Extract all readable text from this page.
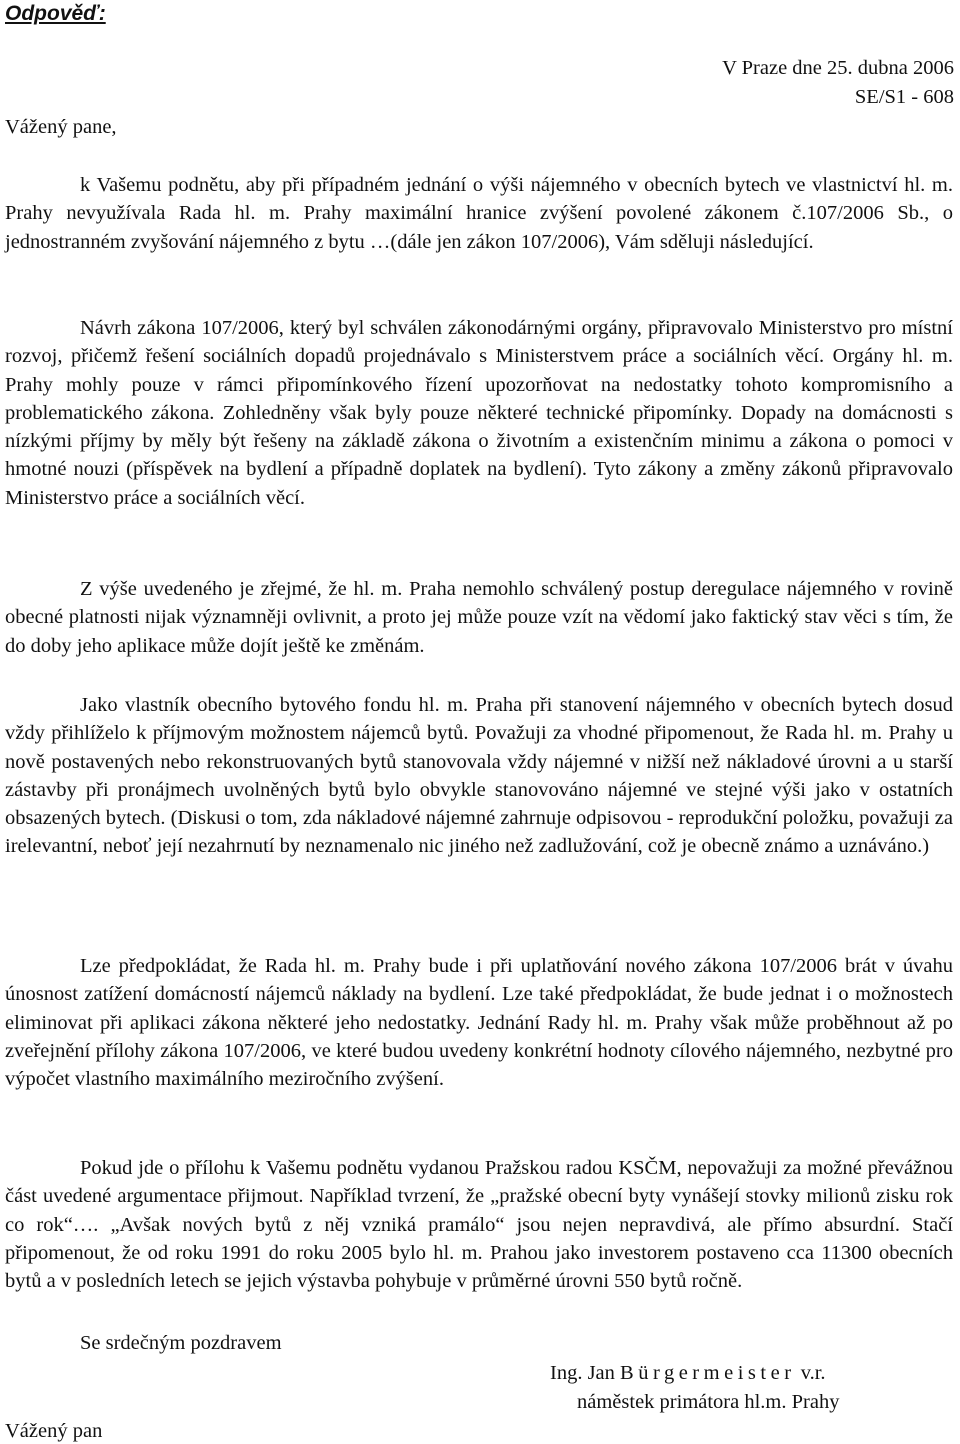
Odpověď:
V Praze dne 25. dubna 2006
SE/S1 - 608
Vážený pane,

k Vašemu podnětu, aby při případném jednání o výši nájemného v obecních bytech ve vlastnictví hl. m. Prahy nevyužívala Rada hl. m. Prahy maximální hranice zvýšení povolené zákonem č.107/2006 Sb., o jednostranném zvyšování nájemného z bytu …(dále jen zákon 107/2006), Vám sděluji následující.

Návrh zákona 107/2006, který byl schválen zákonodárnými orgány, připravovalo Ministerstvo pro místní rozvoj, přičemž řešení sociálních dopadů projednávalo s Ministerstvem práce a sociálních věcí. Orgány hl. m. Prahy mohly pouze v rámci připomínkového řízení upozorňovat na nedostatky tohoto kompromisního a problematického zákona. Zohledněny však byly pouze některé technické připomínky. Dopady na domácnosti s nízkými příjmy by měly být řešeny na základě zákona o životním a existenčním minimu a zákona o pomoci v hmotné nouzi (příspěvek na bydlení a případně doplatek na bydlení). Tyto zákony a změny zákonů připravovalo Ministerstvo práce a sociálních věcí.

Z výše uvedeného je zřejmé, že hl. m. Praha nemohlo schválený postup deregulace nájemného v rovině obecné platnosti nijak významněji ovlivnit, a proto jej může pouze vzít na vědomí jako faktický stav věci s tím, že do doby jeho aplikace může dojít ještě ke změnám.

Jako vlastník obecního bytového fondu hl. m. Praha při stanovení nájemného v obecních bytech dosud vždy přihlíželo k příjmovým možnostem nájemců bytů. Považuji za vhodné připomenout, že Rada hl. m. Prahy u nově postavených nebo rekonstruovaných bytů stanovovala vždy nájemné v nižší než nákladové úrovni a u starší zástavby při pronájmech uvolněných bytů bylo obvykle stanovováno nájemné ve stejné výši jako v ostatních obsazených bytech. (Diskusi o tom, zda nákladové nájemné zahrnuje odpisovou - reprodukční položku, považuji za irelevantní, neboť její nezahrnutí by neznamenalo nic jiného než zadlužování, což je obecně známo a uznáváno.)

Lze předpokládat, že Rada hl. m. Prahy bude i při uplatňování nového zákona 107/2006 brát v úvahu únosnost zatížení domácností nájemců náklady na bydlení. Lze také předpokládat, že bude jednat i o možnostech eliminovat při aplikaci zákona některé jeho nedostatky. Jednání Rady hl. m. Prahy však může proběhnout až po zveřejnění přílohy zákona 107/2006, ve které budou uvedeny konkrétní hodnoty cílového nájemného, nezbytné pro výpočet vlastního maximálního meziročního zvýšení.

Pokud jde o přílohu k Vašemu podnětu vydanou Pražskou radou KSČM, nepovažuji za možné převážnou část uvedené argumentace přijmout. Například tvrzení, že „pražské obecní byty vynášejí stovky milionů zisku rok co rok“…. „Avšak nových bytů z něj vzniká pramálo“ jsou nejen nepravdivá, ale přímo absurdní. Stačí připomenout, že od roku 1991 do roku 2005 bylo hl. m. Prahou jako investorem postaveno cca 11300 obecních bytů a v posledních letech se jejich výstavba pohybuje v průměrné úrovni 550 bytů ročně.

Se srdečným pozdravem
Ing. Jan Bürgermeister v.r.
náměstek primátora hl.m. Prahy
Vážený pan
